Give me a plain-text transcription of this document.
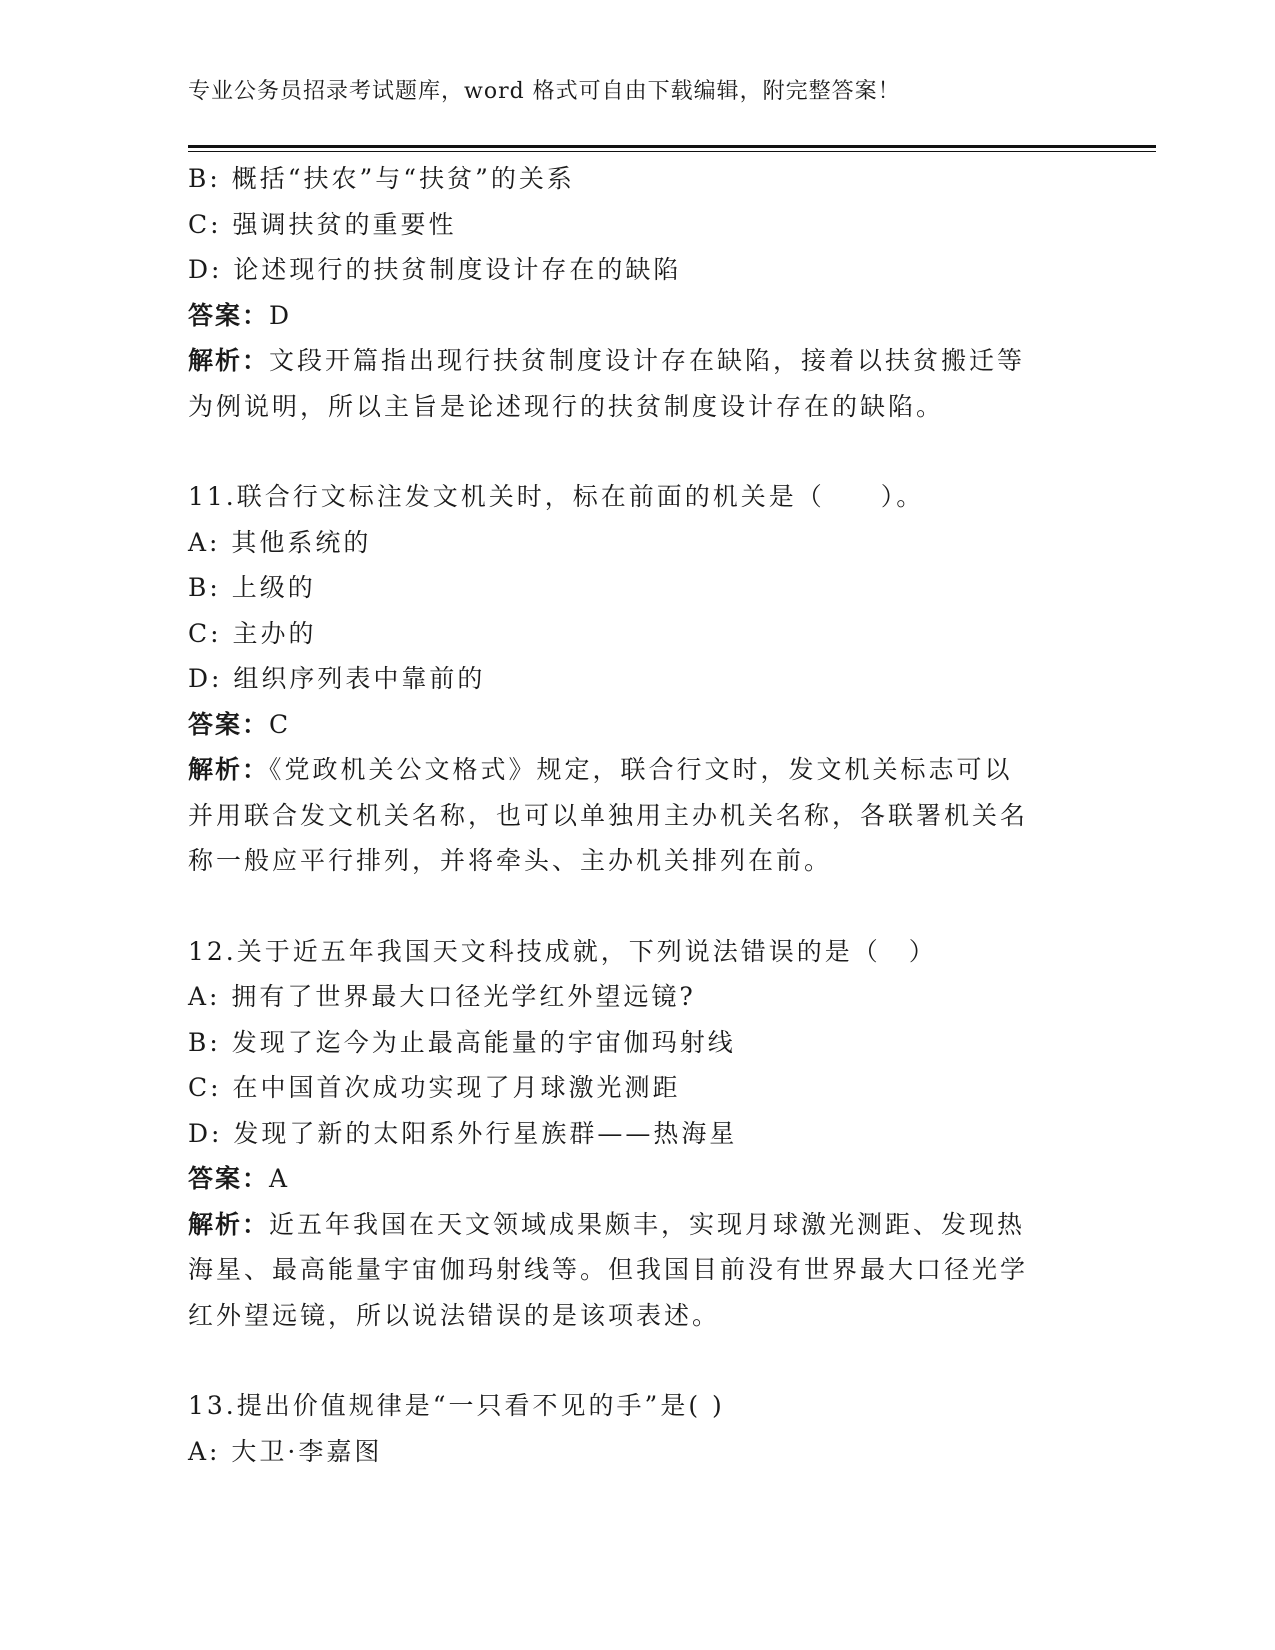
专业公务员招录考试题库，word 格式可自由下载编辑，附完整答案！
B: 概括“扶农”与“扶贫”的关系
C: 强调扶贫的重要性
D: 论述现行的扶贫制度设计存在的缺陷
答案：D
解析：文段开篇指出现行扶贫制度设计存在缺陷，接着以扶贫搬迁等
为例说明，所以主旨是论述现行的扶贫制度设计存在的缺陷。
11.联合行文标注发文机关时，标在前面的机关是（　　）。
A: 其他系统的
B: 上级的
C: 主办的
D: 组织序列表中靠前的
答案：C
解析：《党政机关公文格式》规定，联合行文时，发文机关标志可以
并用联合发文机关名称，也可以单独用主办机关名称，各联署机关名
称一般应平行排列，并将牵头、主办机关排列在前。
12.关于近五年我国天文科技成就，下列说法错误的是（　）
A: 拥有了世界最大口径光学红外望远镜?
B: 发现了迄今为止最高能量的宇宙伽玛射线
C: 在中国首次成功实现了月球激光测距
D: 发现了新的太阳系外行星族群——热海星
答案：A
解析：近五年我国在天文领域成果颇丰，实现月球激光测距、发现热
海星、最高能量宇宙伽玛射线等。但我国目前没有世界最大口径光学
红外望远镜，所以说法错误的是该项表述。
13.提出价值规律是“一只看不见的手”是( )
A: 大卫·李嘉图
